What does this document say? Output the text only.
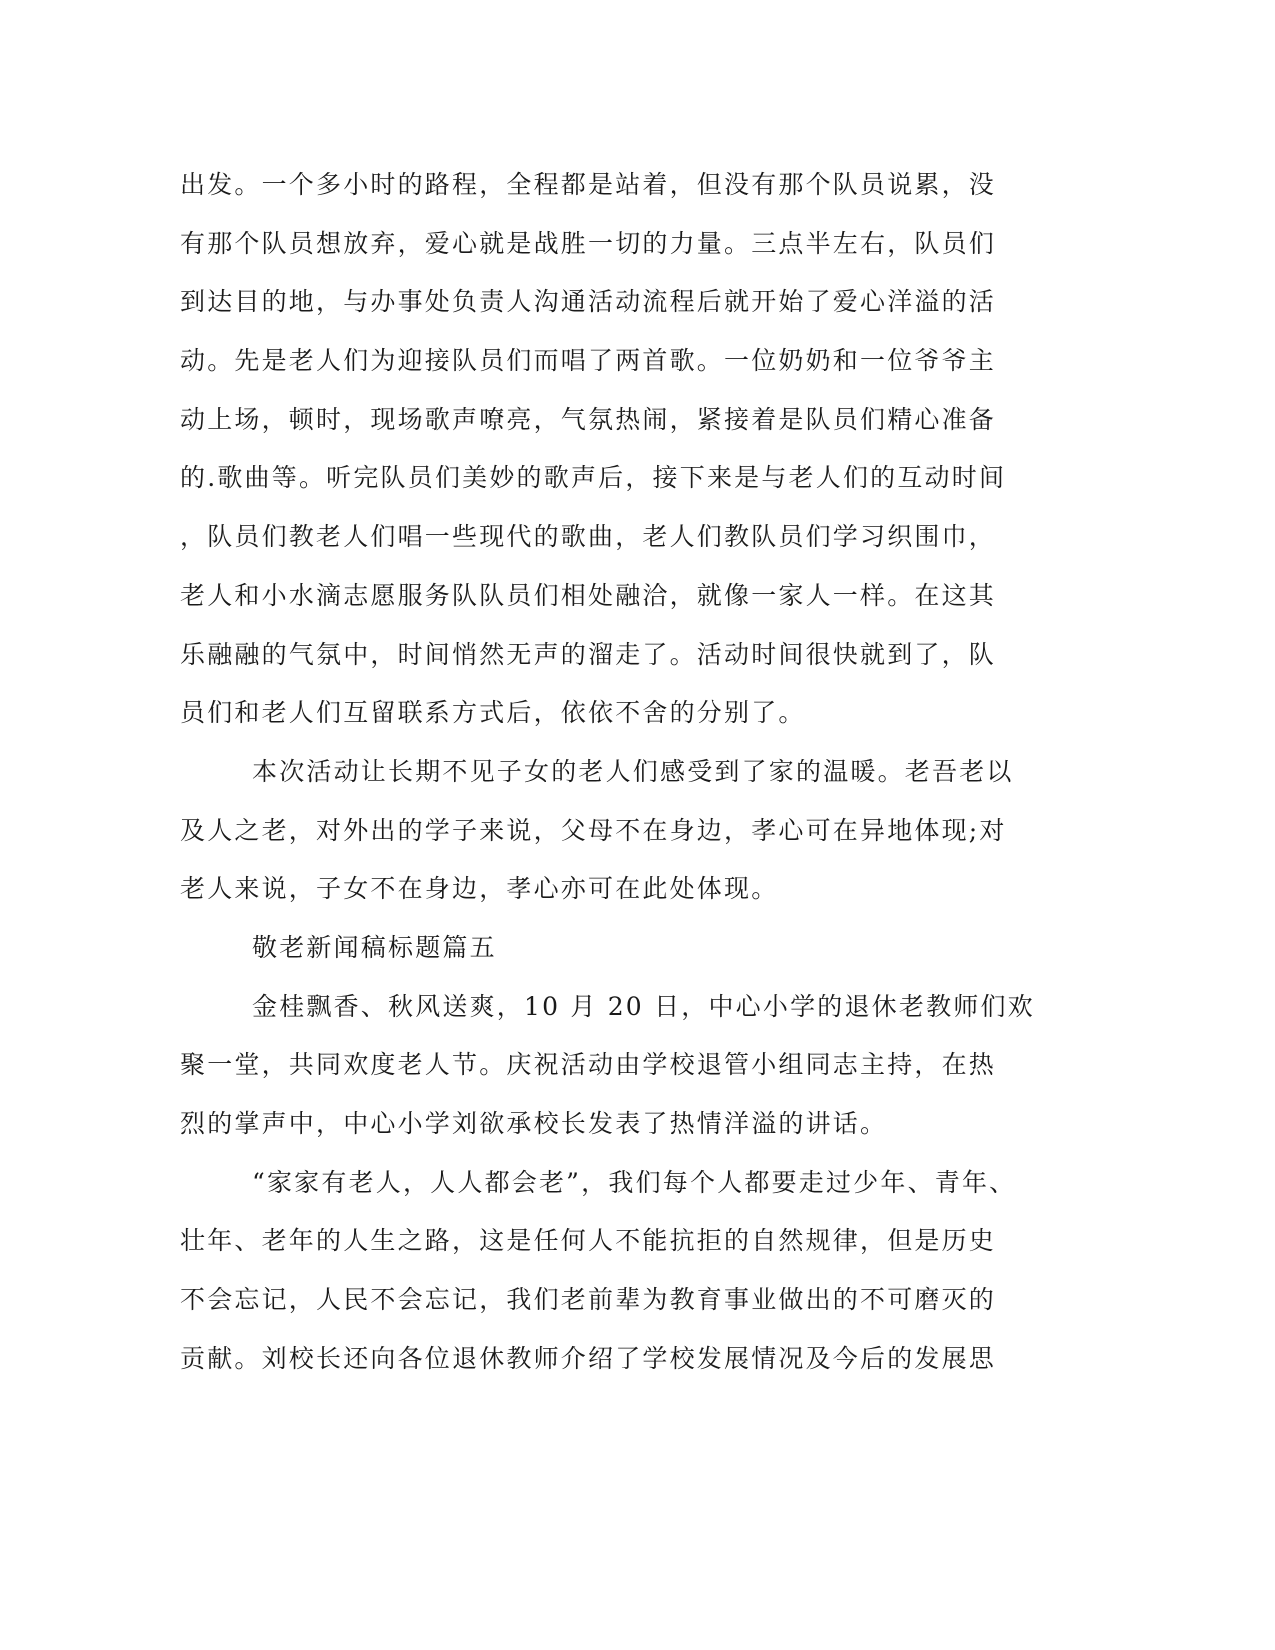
出发。一个多小时的路程，全程都是站着，但没有那个队员说累，没
有那个队员想放弃，爱心就是战胜一切的力量。三点半左右，队员们
到达目的地，与办事处负责人沟通活动流程后就开始了爱心洋溢的活
动。先是老人们为迎接队员们而唱了两首歌。一位奶奶和一位爷爷主
动上场，顿时，现场歌声嘹亮，气氛热闹，紧接着是队员们精心准备
的.歌曲等。听完队员们美妙的歌声后，接下来是与老人们的互动时间
，队员们教老人们唱一些现代的歌曲，老人们教队员们学习织围巾，
老人和小水滴志愿服务队队员们相处融洽，就像一家人一样。在这其
乐融融的气氛中，时间悄然无声的溜走了。活动时间很快就到了，队
员们和老人们互留联系方式后，依依不舍的分别了。
本次活动让长期不见子女的老人们感受到了家的温暖。老吾老以
及人之老，对外出的学子来说，父母不在身边，孝心可在异地体现;对
老人来说，子女不在身边，孝心亦可在此处体现。
敬老新闻稿标题篇五
金桂飘香、秋风送爽，10 月 20 日，中心小学的退休老教师们欢
聚一堂，共同欢度老人节。庆祝活动由学校退管小组同志主持，在热
烈的掌声中，中心小学刘欲承校长发表了热情洋溢的讲话。
“家家有老人，人人都会老”，我们每个人都要走过少年、青年、
壮年、老年的人生之路，这是任何人不能抗拒的自然规律，但是历史
不会忘记，人民不会忘记，我们老前辈为教育事业做出的不可磨灭的
贡献。刘校长还向各位退休教师介绍了学校发展情况及今后的发展思
